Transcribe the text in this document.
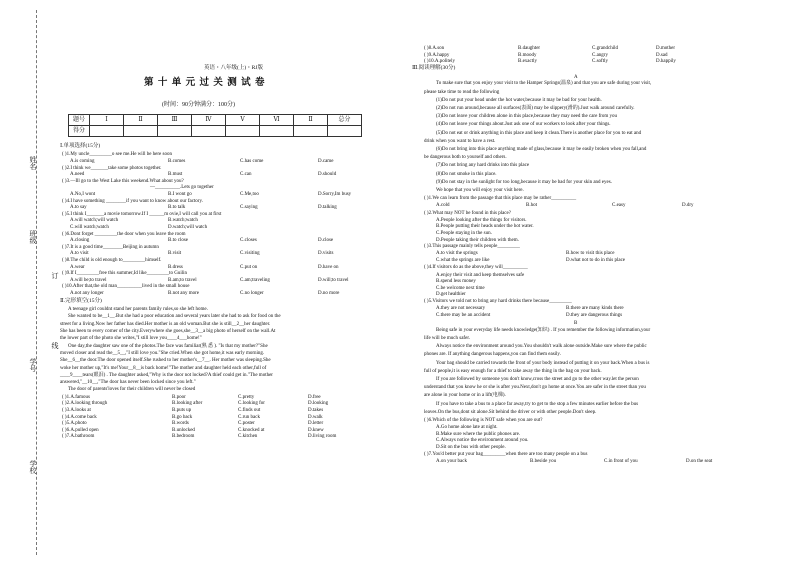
姓名
班级
订
线
学号
学校
英语・八年级(上)・RJ版
第 十 单 元 过 关 测 试 卷
(时间：90分钟满分：100分)
题号	Ⅰ	Ⅱ	Ⅲ	Ⅳ	Ⅴ	Ⅵ	Ⅱ	总分
得分								
Ⅰ.单项选择(15分)
( )1.My uncle_________o see me.He will be here soon
A.is coming	B.comes	C.has come	D.came
( )2.I think we_______take some photos together.
A.need	B.must	C.can	D.should
( )3.—Ill go to the West Lake this weekend.What about you?
—__________.Lets go together
A.No,I wont	B.I wont go	C.Me,too	D.Sorry,Im busy
( )4.I have something ________if you want to know about our factory.
A.to say	B.to talk	C.saying	D.talking
( )5.I think I_______a movie tomorrow.If I ______m ovie,I will call you at first
A.will watch;will watch	B.watch;watch
C.will watch;watch	D.watch;will watch
( )6.Dont forget _________the door when you leave the room
A.closing	B.to close	C.closes	D.close
( )7.It is a good time________Beijing in autumn
A.to visit	B.visit	C.visiting	D.visits
( )8.The child is old enough to_________himself.
A.wear	B.dress	C.put on	D.have on
( )9.If I_________free this summer,Id like_________to Guilin
A.will be;to travel	B.am;to travel	C.am;traveling	D.will;to travel
( )10.After that,the old man__________lived in the small house
A.not any longer	B.not any more	C.no longer	D.no more
Ⅱ.完形填空(15分)
A teenage girl couldnt stand her parents family rules,so she left home.
She wanted to be__1__.But she had a poor education and several years later she had to ask for food on the
street for a living.Now her father has died.Her mother is an old woman.But she is still__2__her daughter.
She has been to every corner of the city.Everywhere she goes,she__3__a big photo of herself on the wall.At
the lower part of the photo she writes,"I still love you____4___home!"
One day,the daughter saw one of the photos.The face was familiar(熟 悉 ). "Is that my mother?"She
moved closer and read the__5__,"I still love you."She cried.When she got home,it was early morning.
She__6__the door.The door opened itself.She rushed to her mother's__7__. Her mother was sleeping.She
woke her mother up,"It's me!Your__8__is back home!"The mother and daughter held each other,full of
____9____tears(眼泪) . The daughter asked,"Why is the door not locked?A thief could get in."The mother
answered,"__10__,"The door has never been locked since you left."
The door of parents'loves for their children will never be closed
( )1.A.famous	B.poor	C.pretty	D.free
( )2.A.looking through	B.looking after	C.looking for	D.looking
( )3.A.looks at	B.puts up	C.finds out	D.takes
( )4.A.come back	B.go back	C.run back	D.walk
( )5.A.photo	B.words	C.poster	D.letter
( )6.A.pulled open	B.unlocked	C.knocked at	D.knew
( )7.A.bathroom	B.bedroom	C.kitchen	D.living room
( )8.A.son	B.daughter	C.grandchild	D.mother
( )9.A.happy	B.moody	C.angry	D.sad
( )10.A.politely	B.exactly	C.softly	D.happily
Ⅲ.阅读理解(30分)
A
To make sure that you enjoy your visit to the Hamper Springs(温泉) and that you are safe during your visit,
please take time to read the following
(1)Do not put your head under the hot water,because it may be bad for your health.
(2)Do not run around,because all surfaces(表面) may be slippery(滑的).Just walk around carefully.
(3)Do not leave your children alone in this place,because they may need the care from you
(4)Do not leave your things about.Just ask one of our workers to look after your things.
(5)Do not eat or drink anything in this place and keep it clean.There is another place for you to eat and
drink when you want to have a rest.
(6)Do not bring into this place anything made of glass,because it may be easily broken when you fall,and
be dangerous both to yourself and others.
(7)Do not bring any hard drinks into this place
(8)Do not smoke in this place.
(9)Do not stay in the sunlight for too long,because it may be bad for your skin and eyes.
We hope that you will enjoy your visit here.
( )1.We can learn from the passage that this place may be rather__________
A.cold	B.hot	C.easy	D.dry
( )2.What may NOT be found in this place?
A.People looking after the things for visitors.
B.People putting their heads under the hot water.
C.People staying in the sun.
D.People taking their children with them.
( )3.This passage mainly tells people_________
A.to visit the springs	B.how to visit this place
C.what the springs are like	D.what not to do in this place
( )4.If visitors do as the above,they will__________
A.enjoy their visit and keep themselves safe
B.spend less money
C.be welcome next time
D.get healthier
( )5.Visitors we told not to bring any hard drinks there because_________
A.they are not necessary	B.there are many kinds there
C.there may be an accident	D.they are dangerous things
B
Being safe in your everyday life needs knowledge(知识) . If you remember the following information,your
life will be much safer.
Always notice the environment around you.You shouldn't walk alone outside.Make sure where the public
phones are. If anything dangerous happens,you can find them easily.
Your bag should be carried towards the front of your body instead of putting it on your back.When a bus is
full of people,it is easy enough for a thief to take away the thing in the bag on your back.
If you are followed by someone you don't know,cross the street and go to the other way.let the person
understand that you know he or she is after you.Next,don't go home at once.You are safer in the street than you
are alone in your home or in a lift(电梯).
If you have to take a bus to a place far away,try to get to the stop a few minutes earlier before the bus
leaves.On the bus,dont sit alone.Sit behind the driver or with other people.Don't sleep.
( )6.Which of the following is NOT safe when you are out?
A.Go home alone late at night.
B.Make sure where the public phones are.
C.Always notice the environment around you.
D.Sit on the bus with other people.
( )7.You'd better put your bag_________when there are too many people on a bus
A.on your back	B.beside you	C.in front of you	D.on the seat
